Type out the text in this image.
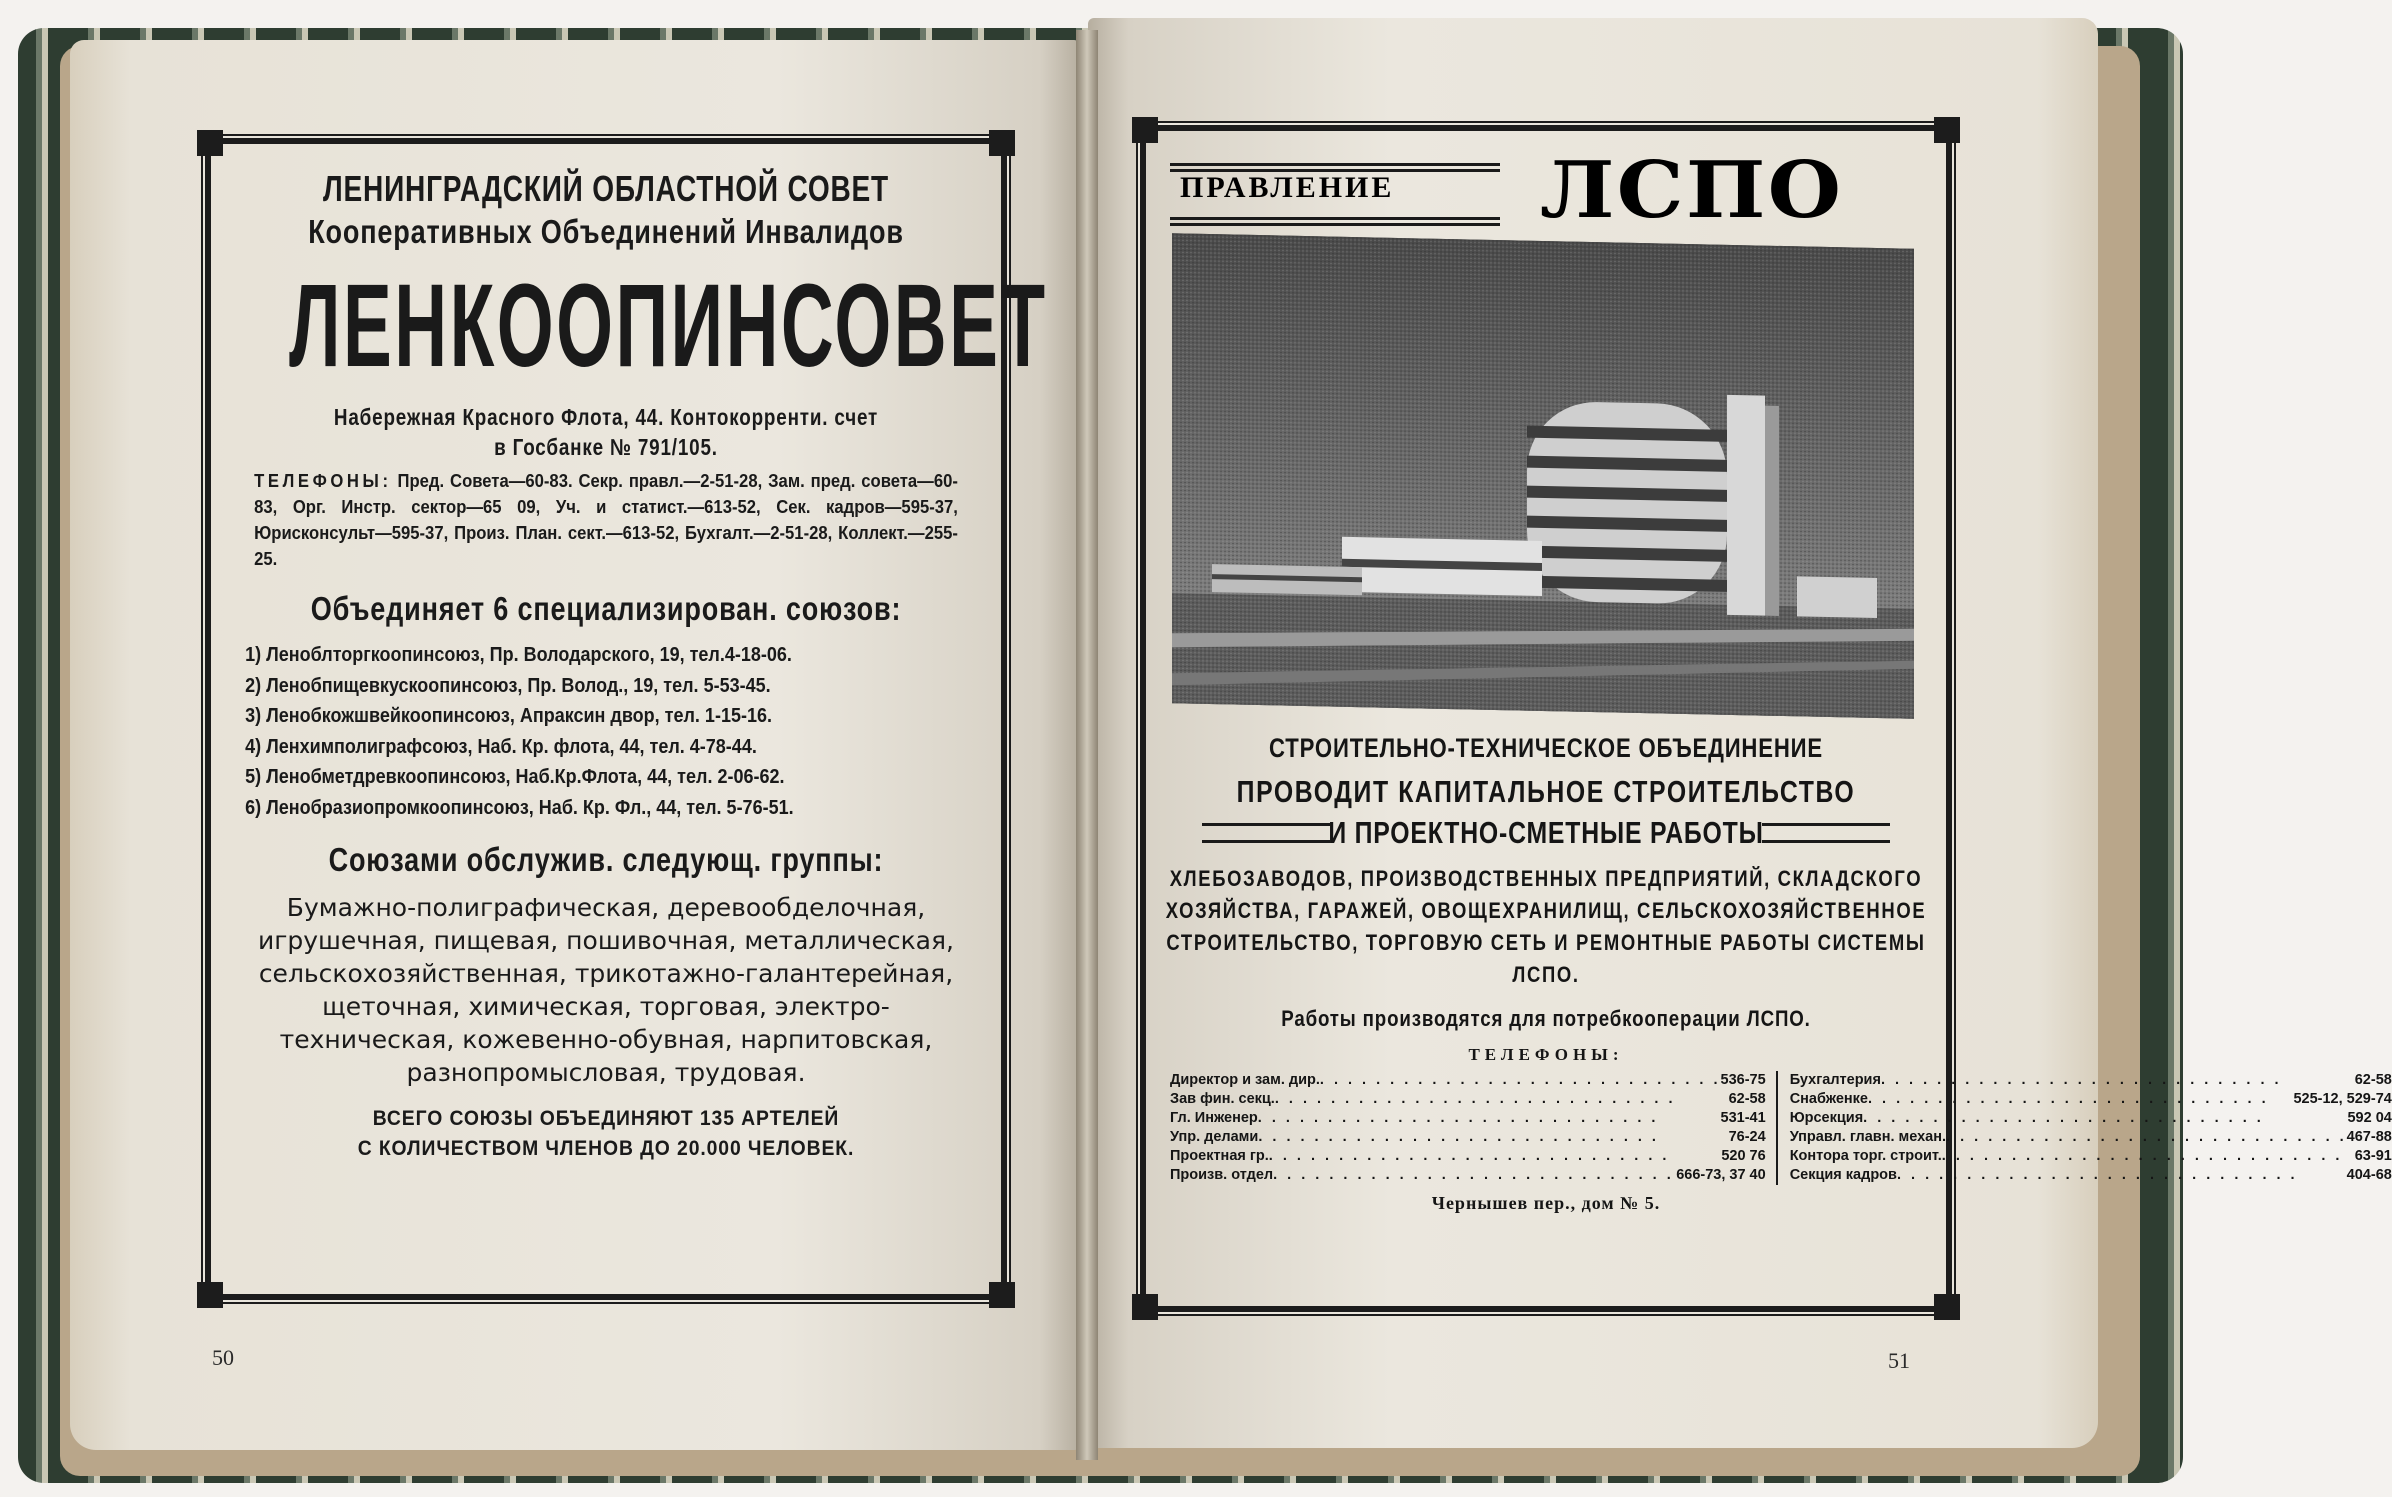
50	51
ЛЕНИНГРАДСКИЙ ОБЛАСТНОЙ СОВЕТ
Кооперативных Объединений Инвалидов
ЛЕНКООПИНСОВЕТ
Набережная Красного Флота, 44. Контокорренти. счет
в Госбанке № 791/105.
ТЕЛЕФОНЫ: Пред. Совета—60-83. Секр. правл.—2-51-28, Зам. пред. совета—60-83, Орг. Инстр. сектор—65 09, Уч. и статист.—613-52, Сек. кадров—595-37, Юрисконсульт—595-37, Произ. План. сект.—613-52, Бухгалт.—2-51-28, Коллект.—255-25.
Объединяет 6 специализирован. союзов:
1) Леноблторгкоопинсоюз, Пр. Володарского, 19, тел.4-18-06.
2) Ленобпищевкускоопинсоюз, Пр. Волод., 19, тел. 5-53-45.
3) Ленобкожшвейкоопинсоюз, Апраксин двор, тел. 1-15-16.
4) Ленхимполиграфсоюз, Наб. Кр. флота, 44, тел. 4-78-44.
5) Ленобметдревкоопинсоюз, Наб.Кр.Флота, 44, тел. 2-06-62.
6) Ленобразиопромкоопинсоюз, Наб. Кр. Фл., 44, тел. 5-76-51.
Союзами обслужив. следующ. группы:
Бумажно-полиграфическая, деревообделочная, игрушечная, пищевая, пошивочная, металлическая, сельскохозяйственная, трикотажно-галантерейная, щеточная, химическая, торговая, электро-техническая, кожевенно-обувная, нарпитовская, разнопромысловая, трудовая.
ВСЕГО СОЮЗЫ ОБЪЕДИНЯЮТ 135 АРТЕЛЕЙ
С КОЛИЧЕСТВОМ ЧЛЕНОВ ДО 20.000 ЧЕЛОВЕК.
ПРАВЛЕНИЕ ЛСПО
СТРОИТЕЛЬНО-ТЕХНИЧЕСКОЕ ОБЪЕДИНЕНИЕ
ПРОВОДИТ КАПИТАЛЬНОЕ СТРОИТЕЛЬСТВО
И ПРОЕКТНО-СМЕТНЫЕ РАБОТЫ
ХЛЕБОЗАВОДОВ, ПРОИЗВОДСТВЕННЫХ ПРЕДПРИЯТИЙ, СКЛАДСКОГО ХОЗЯЙСТВА, ГАРАЖЕЙ, ОВОЩЕХРАНИЛИЩ, СЕЛЬСКОХОЗЯЙСТВЕННОЕ СТРОИТЕЛЬСТВО, ТОРГОВУЮ СЕТЬ И РЕМОНТНЫЕ РАБОТЫ СИСТЕМЫ ЛСПО.
Работы производятся для потребкооперации ЛСПО.
ТЕЛЕФОНЫ:
Директор и зам. дир. . . .	536-75
Зав фин. секц. . . .	62-58
Гл. Инженер . . .	531-41
Упр. делами . . .	76-24
Проектная гр. . . .	520 76
Произв. отдел . . .	666-73, 37 40
Бухгалтерия . . .	62-58
Снабженке . . .	525-12, 529-74
Юрсекция . . .	592 04
Управл. главн. механ. . . .	467-88
Контора торг. строит. . . .	63-91
Секция кадров . . .	404-68
Чернышев пер., дом № 5.
